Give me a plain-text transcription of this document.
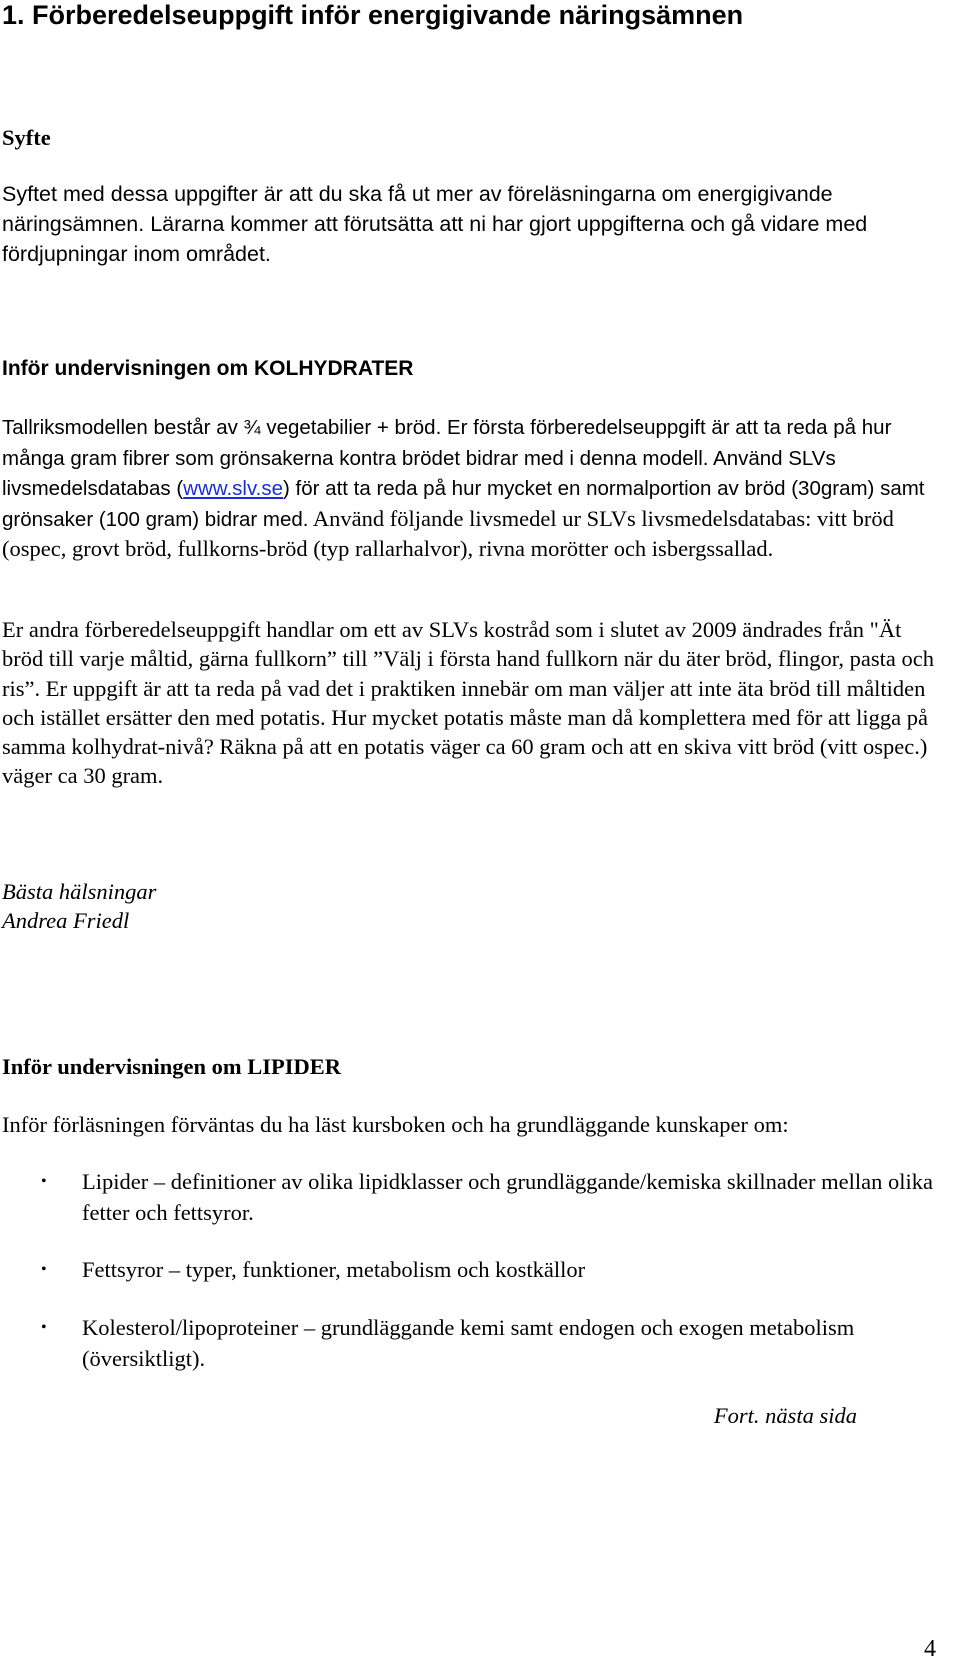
1. Förberedelseuppgift inför energigivande näringsämnen
Syfte

Syftet med dessa uppgifter är att du ska få ut mer av föreläsningarna om energigivande näringsämnen. Lärarna kommer att förutsätta att ni har gjort uppgifterna och gå vidare med fördjupningar inom området.

Inför undervisningen om KOLHYDRATER

Tallriksmodellen består av ¾ vegetabilier + bröd. Er första förberedelseuppgift är att ta reda på hur många gram fibrer som grönsakerna kontra brödet bidrar med i denna modell. Använd SLVs livsmedelsdatabas (www.slv.se) för att ta reda på hur mycket en normalportion av bröd (30gram) samt grönsaker (100 gram) bidrar med. Använd följande livsmedel ur SLVs livsmedelsdatabas: vitt bröd (ospec, grovt bröd, fullkorns-bröd (typ rallarhalvor), rivna morötter och isbergssallad.

Er andra förberedelseuppgift handlar om ett av SLVs kostråd som i slutet av 2009 ändrades från "Ät bröd till varje måltid, gärna fullkorn” till ”Välj i första hand fullkorn när du äter bröd, flingor, pasta och ris”. Er uppgift är att ta reda på vad det i praktiken innebär om man väljer att inte äta bröd till måltiden och istället ersätter den med potatis. Hur mycket potatis måste man då komplettera med för att ligga på samma kolhydrat-nivå? Räkna på att en potatis väger ca 60 gram och att en skiva vitt bröd (vitt ospec.) väger ca 30 gram.

Bästa hälsningar
Andrea Friedl

Inför undervisningen om LIPIDER

Inför förläsningen förväntas du ha läst kursboken och ha grundläggande kunskaper om:

• Lipider – definitioner av olika lipidklasser och grundläggande/kemiska skillnader mellan olika fetter och fettsyror.
• Fettsyror – typer, funktioner, metabolism och kostkällor
• Kolesterol/lipoproteiner – grundläggande kemi samt endogen och exogen metabolism (översiktligt).
Fort. nästa sida
4
